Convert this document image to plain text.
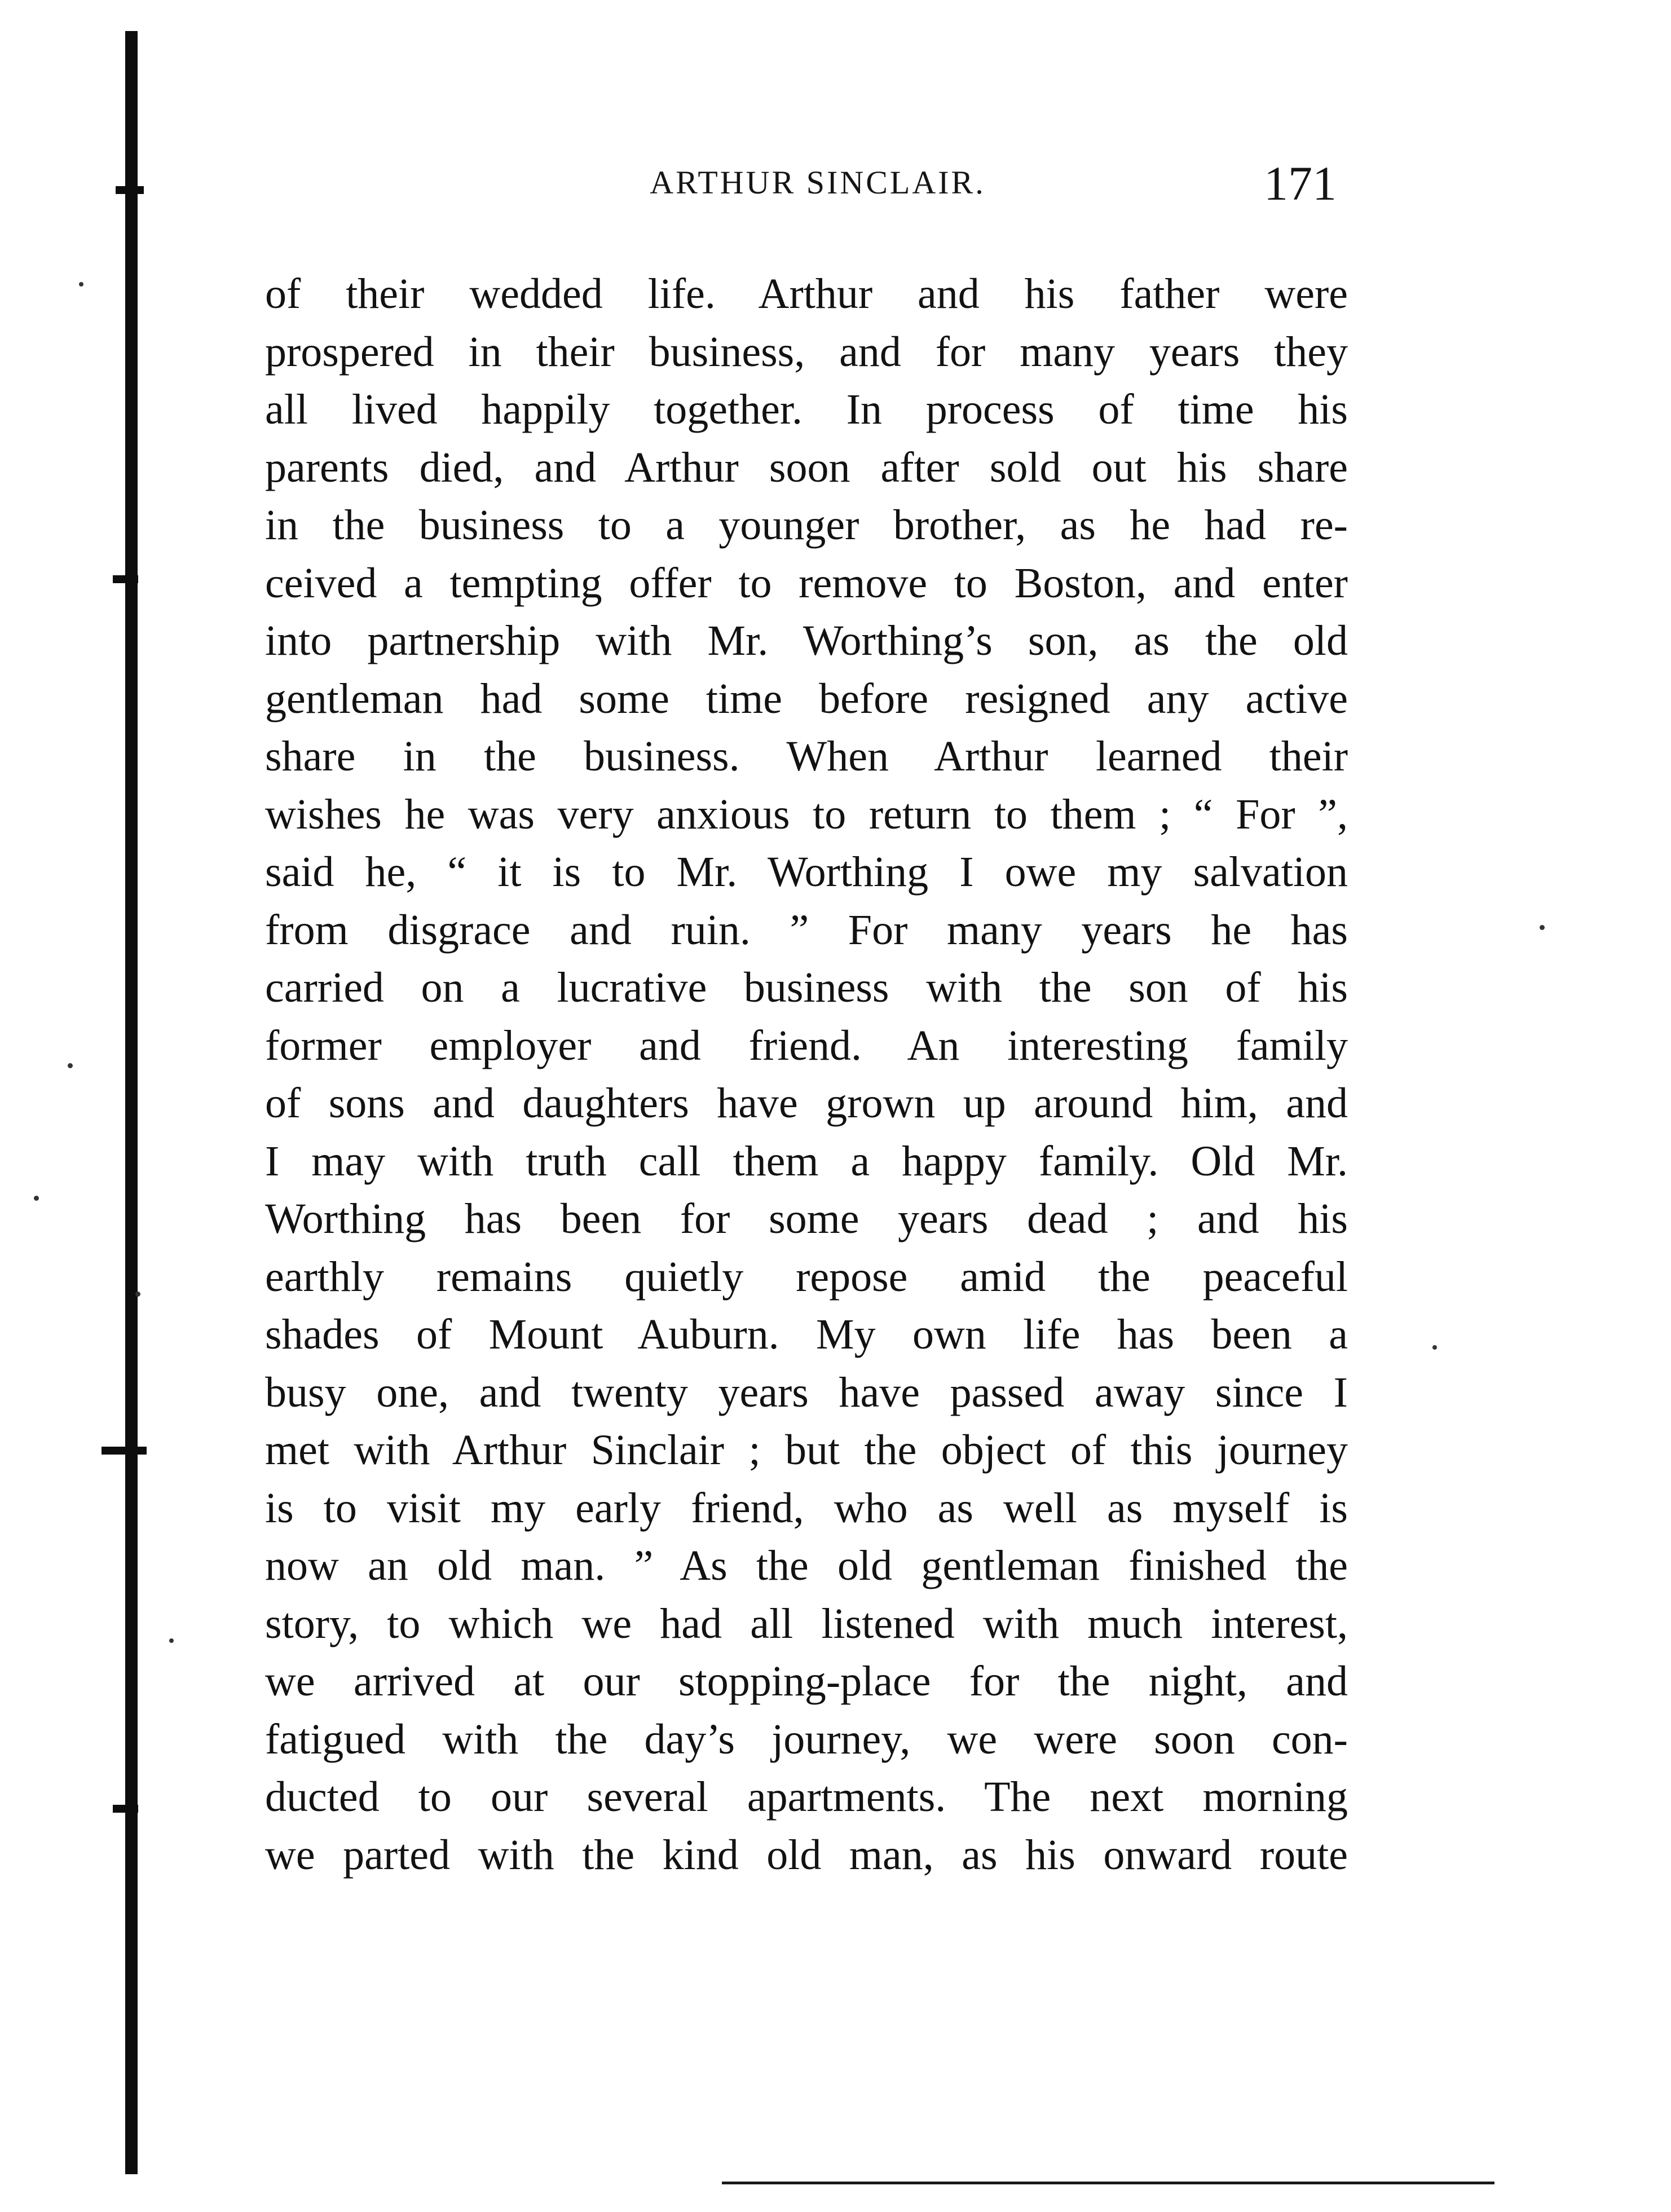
ARTHUR SINCLAIR.	171
of their wedded life. Arthur and his father were
prospered in their business, and for many years they
all lived happily together. In process of time his
parents died, and Arthur soon after sold out his share
in the business to a younger brother, as he had re-
ceived a tempting offer to remove to Boston, and enter
into partnership with Mr. Worthing’s son, as the old
gentleman had some time before resigned any active
share in the business. When Arthur learned their
wishes he was very anxious to return to them ; “ For ”,
said he, “ it is to Mr. Worthing I owe my salvation
from disgrace and ruin. ” For many years he has
carried on a lucrative business with the son of his
former employer and friend. An interesting family
of sons and daughters have grown up around him, and
I may with truth call them a happy family. Old Mr.
Worthing has been for some years dead ; and his
earthly remains quietly repose amid the peaceful
shades of Mount Auburn. My own life has been a
busy one, and twenty years have passed away since I
met with Arthur Sinclair ; but the object of this journey
is to visit my early friend, who as well as myself is
now an old man. ” As the old gentleman finished the
story, to which we had all listened with much interest,
we arrived at our stopping-place for the night, and
fatigued with the day’s journey, we were soon con-
ducted to our several apartments. The next morning
we parted with the kind old man, as his onward route
